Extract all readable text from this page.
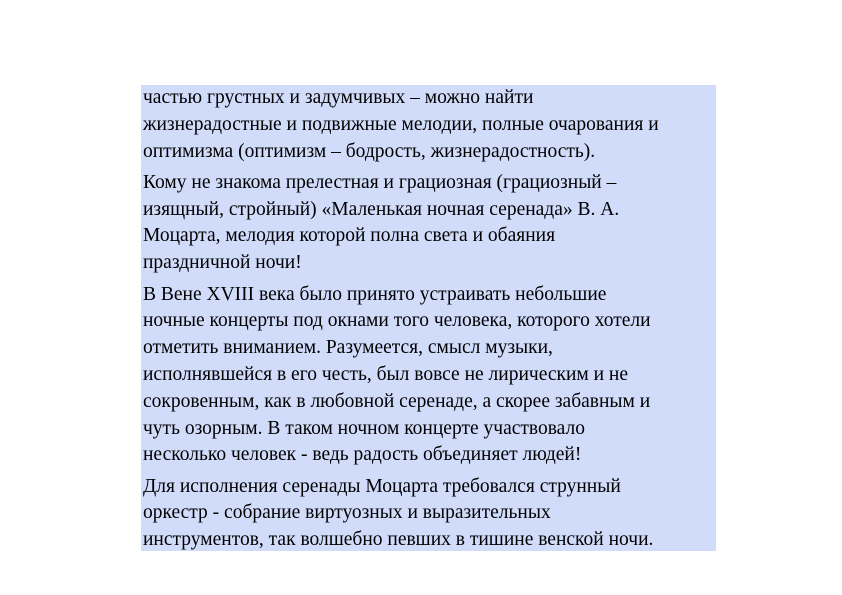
частью грустных и задумчивых – можно найти
жизнерадостные и подвижные мелодии, полные очарования и
оптимизма (оптимизм – бодрость, жизнерадостность).

Кому не знакома прелестная и грациозная (грациозный –
изящный, стройный) «Маленькая ночная серенада» В. А.
Моцарта, мелодия которой полна света и обаяния
праздничной ночи!

В Вене XVIII века было принято устраивать небольшие
ночные концерты под окнами того человека, которого хотели
отметить вниманием. Разумеется, смысл музыки,
исполнявшейся в его честь, был вовсе не лирическим и не
сокровенным, как в любовной серенаде, а скорее забавным и
чуть озорным. В таком ночном концерте участвовало
несколько человек - ведь радость объединяет людей!

Для исполнения серенады Моцарта требовался струнный
оркестр - собрание виртуозных и выразительных
инструментов, так волшебно певших в тишине венской ночи.
